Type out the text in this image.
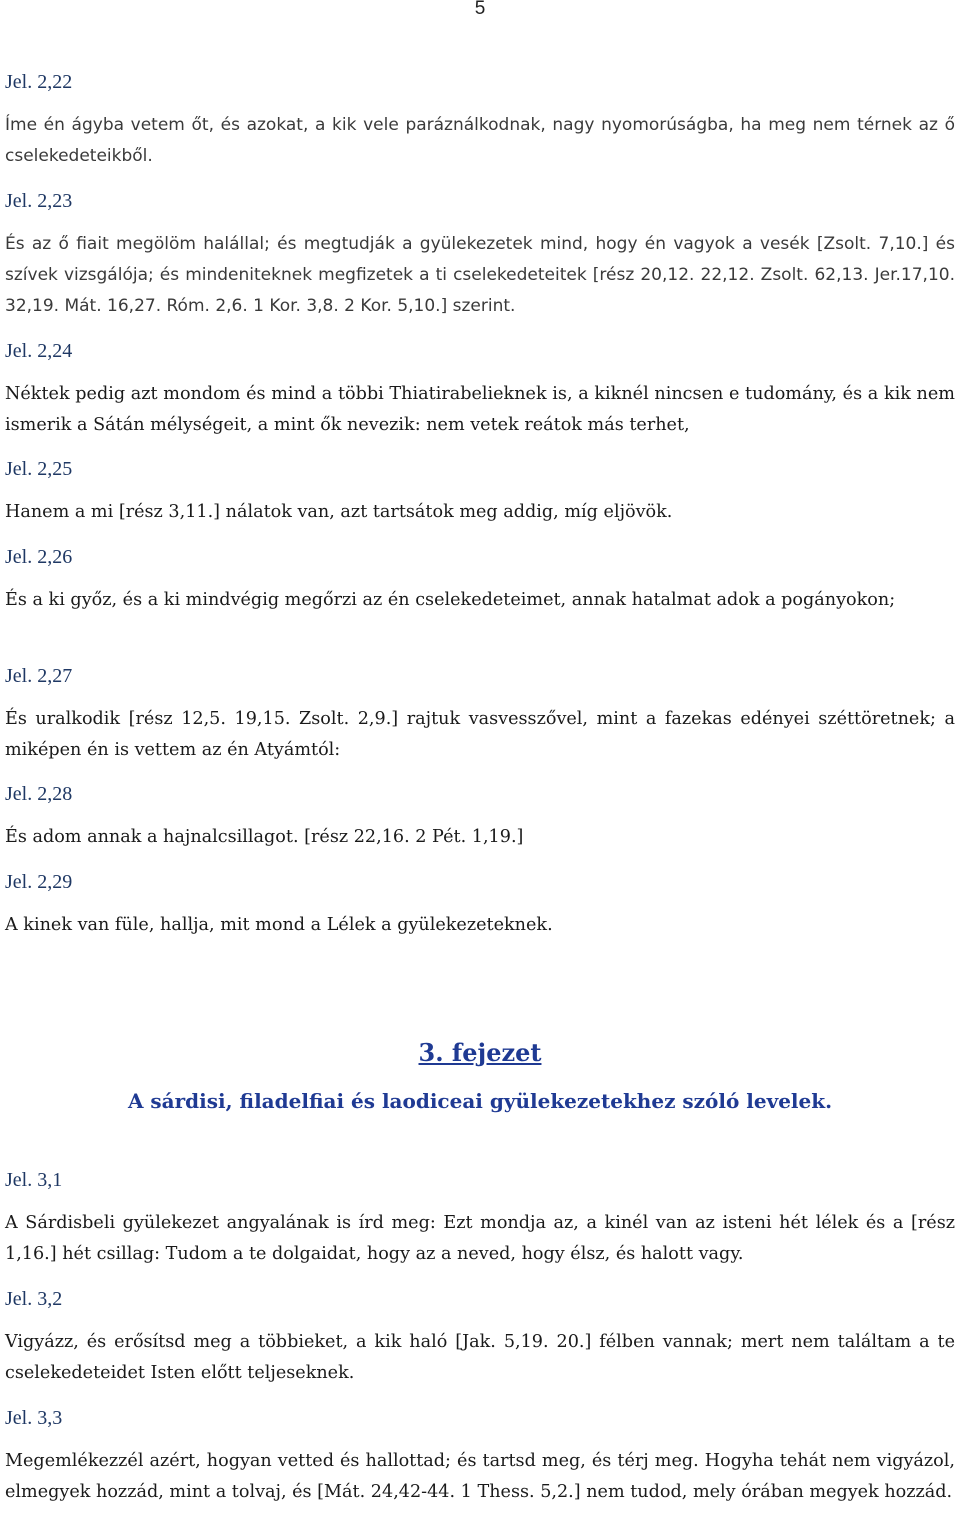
5
Jel. 2,22
Íme én ágyba vetem őt, és azokat, a kik vele paráználkodnak, nagy nyomorúságba, ha meg nem térnek az ő cselekedeteikből.
Jel. 2,23
És az ő fiait megölöm halállal; és megtudják a gyülekezetek mind, hogy én vagyok a vesék [Zsolt. 7,10.] és szívek vizsgálója; és mindeniteknek megfizetek a ti cselekedeteitek [rész 20,12. 22,12. Zsolt. 62,13. Jer.17,10. 32,19. Mát. 16,27. Róm. 2,6. 1 Kor. 3,8. 2 Kor. 5,10.] szerint.
Jel. 2,24
Néktek pedig azt mondom és mind a többi Thiatirabelieknek is, a kiknél nincsen e tudomány, és a kik nem ismerik a Sátán mélységeit, a mint ők nevezik: nem vetek reátok más terhet,
Jel. 2,25
Hanem a mi [rész 3,11.] nálatok van, azt tartsátok meg addig, míg eljövök.
Jel. 2,26
És a ki győz, és a ki mindvégig megőrzi az én cselekedeteimet, annak hatalmat adok a pogányokon;
Jel. 2,27
És uralkodik [rész 12,5. 19,15. Zsolt. 2,9.] rajtuk vasvesszővel, mint a fazekas edényei széttöretnek; a miképen én is vettem az én Atyámtól:
Jel. 2,28
És adom annak a hajnalcsillagot. [rész 22,16. 2 Pét. 1,19.]
Jel. 2,29
A kinek van füle, hallja, mit mond a Lélek a gyülekezeteknek.
Jel. 3,1
A Sárdisbeli gyülekezet angyalának is írd meg: Ezt mondja az, a kinél van az isteni hét lélek és a [rész 1,16.] hét csillag: Tudom a te dolgaidat, hogy az a neved, hogy élsz, és halott vagy.
Jel. 3,2
Vigyázz, és erősítsd meg a többieket, a kik haló [Jak. 5,19. 20.] félben vannak; mert nem találtam a te cselekedeteidet Isten előtt teljeseknek.
Jel. 3,3
Megemlékezzél azért, hogyan vetted és hallottad; és tartsd meg, és térj meg. Hogyha tehát nem vigyázol, elmegyek hozzád, mint a tolvaj, és [Mát. 24,42-44. 1 Thess. 5,2.] nem tudod, mely órában megyek hozzád.
3. fejezet
A sárdisi, filadelfiai és laodiceai gyülekezetekhez szóló levelek.
